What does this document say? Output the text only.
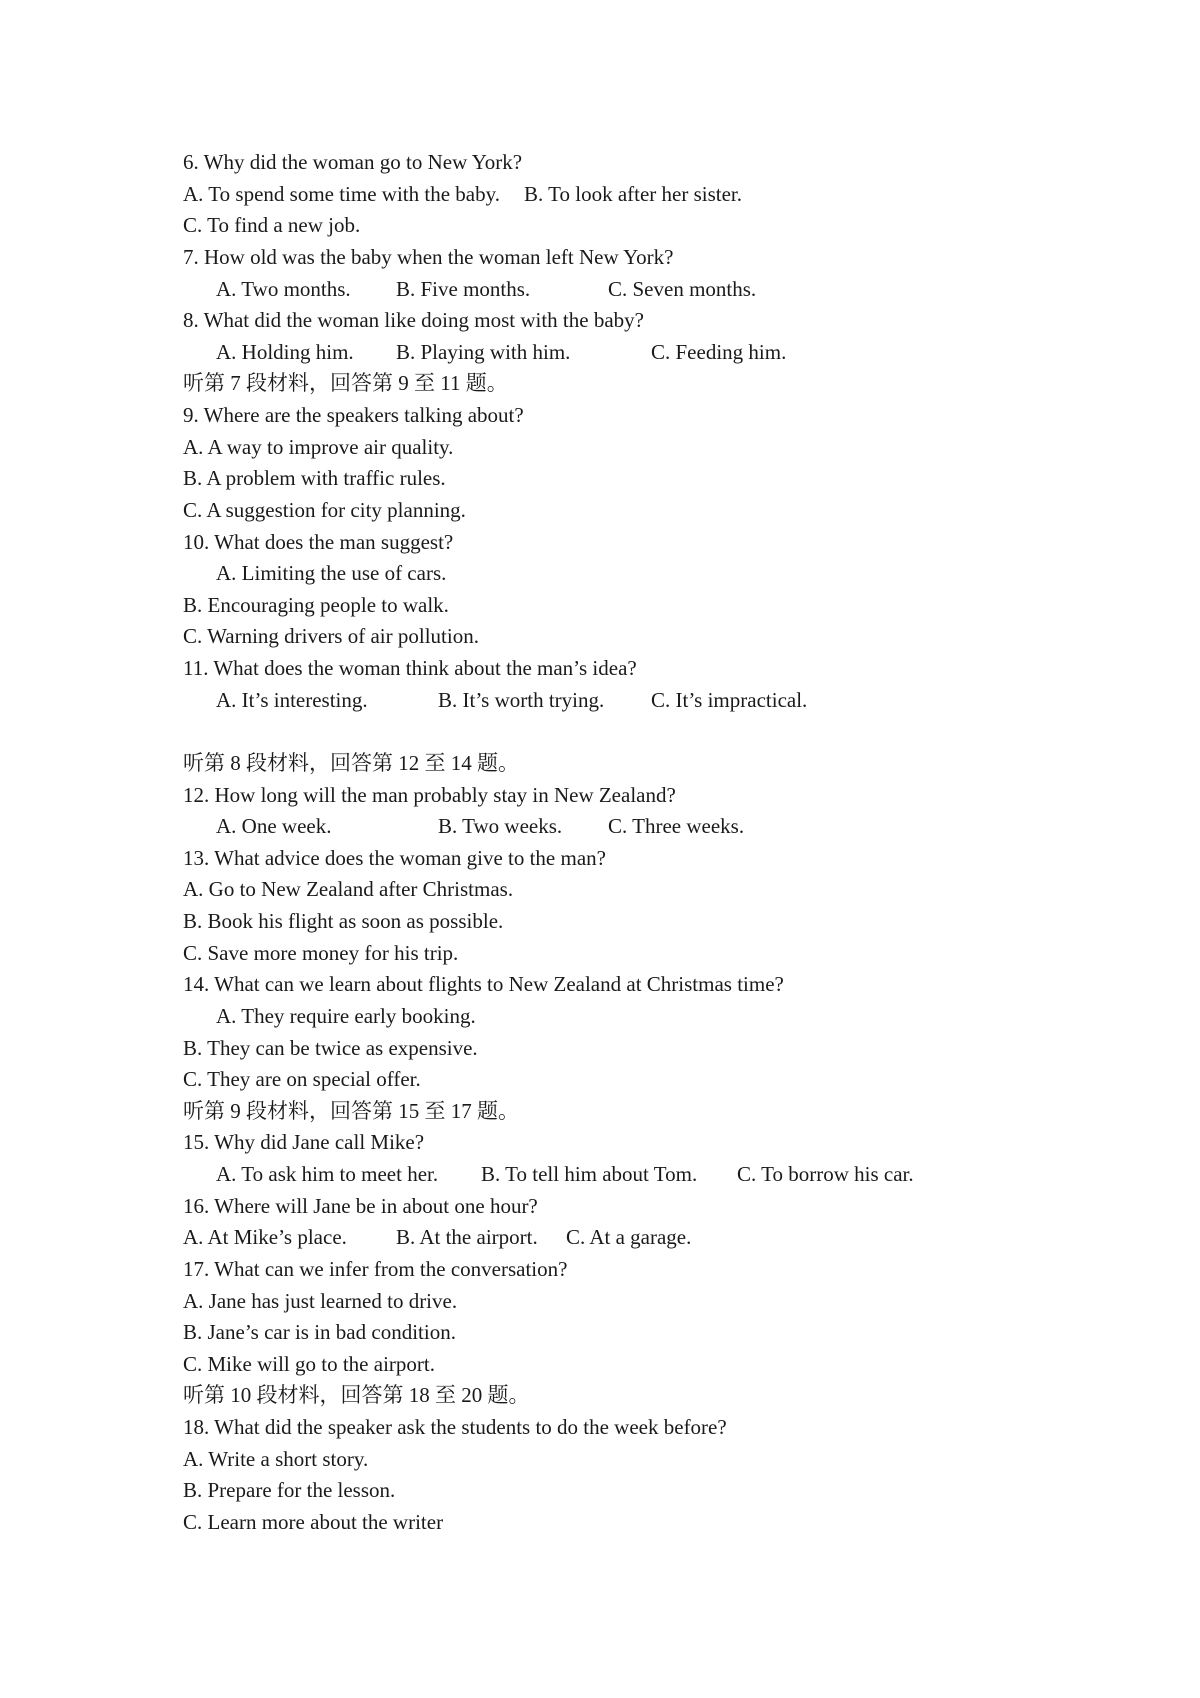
6. Why did the woman go to New York?
A. To spend some time with the baby. B. To look after her sister.
C. To find a new job.
7. How old was the baby when the woman left New York?
A. Two months. B. Five months.	C. Seven months.
8. What did the woman like doing most with the baby?
A. Holding him. B. Playing with him.	C. Feeding him.
听第 7 段材料，回答第 9 至 11 题。
9. Where are the speakers talking about?
A. A way to improve air quality.
B. A problem with traffic rules.
C. A suggestion for city planning.
10. What does the man suggest?
A. Limiting the use of cars.
B. Encouraging people to walk.
C. Warning drivers of air pollution.
11. What does the woman think about the man’s idea?
A. It’s interesting.	B. It’s worth trying. C. It’s impractical.
听第 8 段材料，回答第 12 至 14 题。
12. How long will the man probably stay in New Zealand?
A. One week.	B. Two weeks. C. Three weeks.
13. What advice does the woman give to the man?
A. Go to New Zealand after Christmas.
B. Book his flight as soon as possible.
C. Save more money for his trip.
14. What can we learn about flights to New Zealand at Christmas time?
A. They require early booking.
B. They can be twice as expensive.
C. They are on special offer.
听第 9 段材料，回答第 15 至 17 题。
15. Why did Jane call Mike?
A. To ask him to meet her. B. To tell him about Tom. C. To borrow his car.
16. Where will Jane be in about one hour?
A. At Mike’s place. B. At the airport. C. At a garage.
17. What can we infer from the conversation?
A. Jane has just learned to drive.
B. Jane’s car is in bad condition.
C. Mike will go to the airport.
听第 10 段材料，回答第 18 至 20 题。
18. What did the speaker ask the students to do the week before?
A. Write a short story.
B. Prepare for the lesson.
C. Learn more about the writer
